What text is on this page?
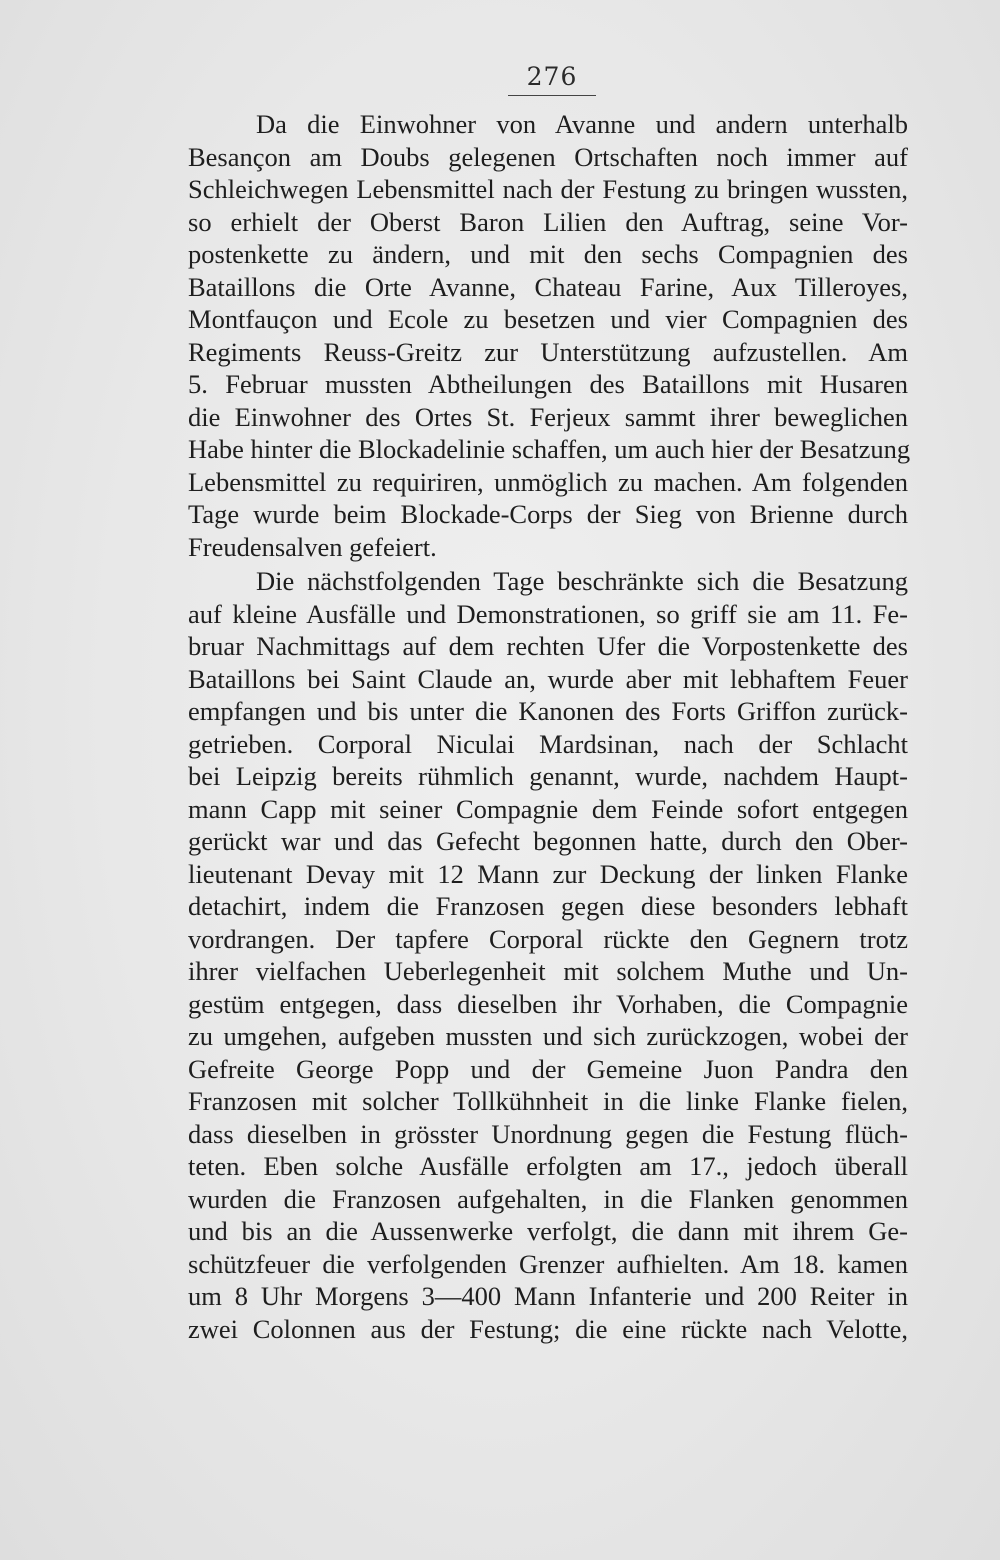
276
Da die Einwohner von Avanne und andern unterhalb
Besançon am Doubs gelegenen Ortschaften noch immer auf
Schleichwegen Lebensmittel nach der Festung zu bringen wussten,
so erhielt der Oberst Baron Lilien den Auftrag, seine Vor-
postenkette zu ändern, und mit den sechs Compagnien des
Bataillons die Orte Avanne, Chateau Farine, Aux Tilleroyes,
Montfauçon und Ecole zu besetzen und vier Compagnien des
Regiments Reuss-Greitz zur Unterstützung aufzustellen. Am
5. Februar mussten Abtheilungen des Bataillons mit Husaren
die Einwohner des Ortes St. Ferjeux sammt ihrer beweglichen
Habe hinter die Blockadelinie schaffen, um auch hier der Besatzung
Lebensmittel zu requiriren, unmöglich zu machen. Am folgenden
Tage wurde beim Blockade-Corps der Sieg von Brienne durch
Freudensalven gefeiert.
Die nächstfolgenden Tage beschränkte sich die Besatzung
auf kleine Ausfälle und Demonstrationen, so griff sie am 11. Fe-
bruar Nachmittags auf dem rechten Ufer die Vorpostenkette des
Bataillons bei Saint Claude an, wurde aber mit lebhaftem Feuer
empfangen und bis unter die Kanonen des Forts Griffon zurück-
getrieben. Corporal Niculai Mardsinan, nach der Schlacht
bei Leipzig bereits rühmlich genannt, wurde, nachdem Haupt-
mann Capp mit seiner Compagnie dem Feinde sofort entgegen
gerückt war und das Gefecht begonnen hatte, durch den Ober-
lieutenant Devay mit 12 Mann zur Deckung der linken Flanke
detachirt, indem die Franzosen gegen diese besonders lebhaft
vordrangen. Der tapfere Corporal rückte den Gegnern trotz
ihrer vielfachen Ueberlegenheit mit solchem Muthe und Un-
gestüm entgegen, dass dieselben ihr Vorhaben, die Compagnie
zu umgehen, aufgeben mussten und sich zurückzogen, wobei der
Gefreite George Popp und der Gemeine Juon Pandra den
Franzosen mit solcher Tollkühnheit in die linke Flanke fielen,
dass dieselben in grösster Unordnung gegen die Festung flüch-
teten. Eben solche Ausfälle erfolgten am 17., jedoch überall
wurden die Franzosen aufgehalten, in die Flanken genommen
und bis an die Aussenwerke verfolgt, die dann mit ihrem Ge-
schützfeuer die verfolgenden Grenzer aufhielten. Am 18. kamen
um 8 Uhr Morgens 3—400 Mann Infanterie und 200 Reiter in
zwei Colonnen aus der Festung; die eine rückte nach Velotte,
